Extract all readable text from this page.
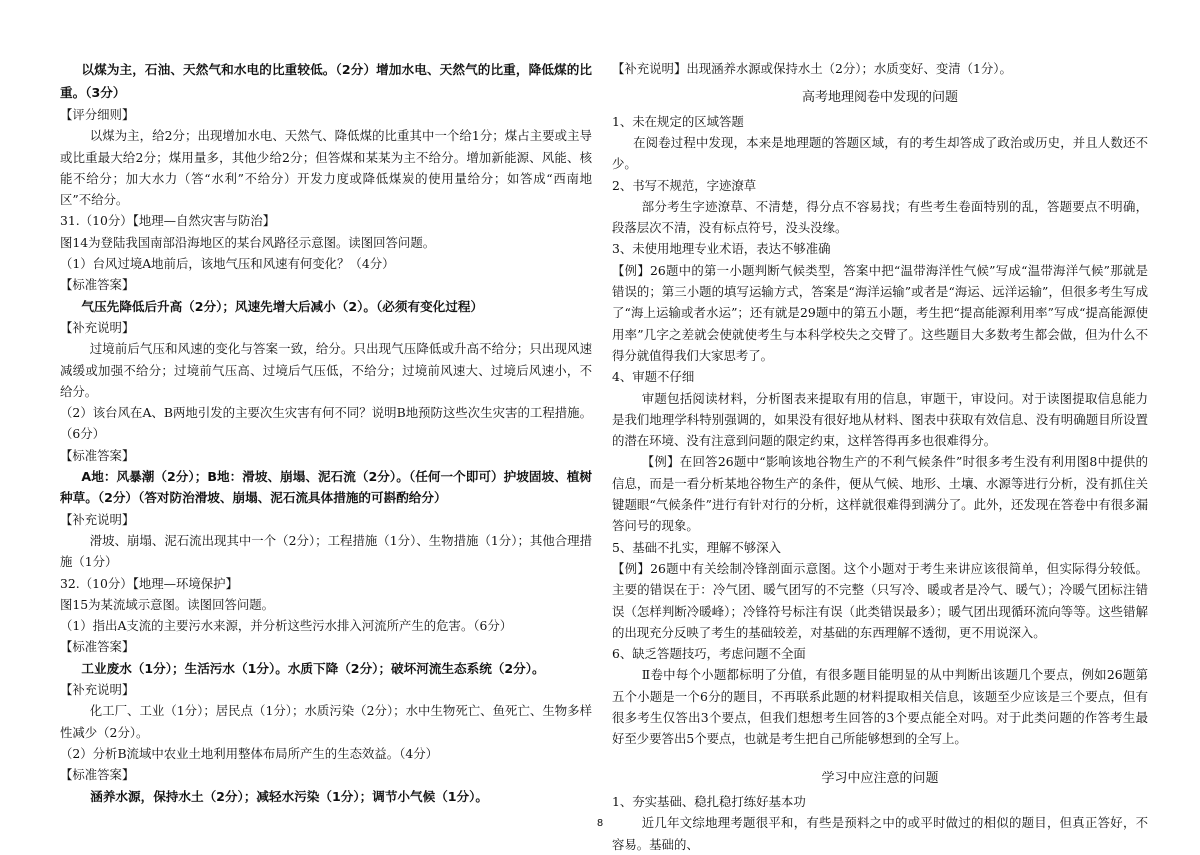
以煤为主，石油、天然气和水电的比重较低。（2分）增加水电、天然气的比重，降低煤的比重。（3分）

【评分细则】

以煤为主，给2分；出现增加水电、天然气、降低煤的比重其中一个给1分；煤占主要或主导或比重最大给2分；煤用量多，其他少给2分；但答煤和某某为主不给分。增加新能源、风能、核能不给分；加大水力（答“水利”不给分）开发力度或降低煤炭的使用量给分；如答成“西南地区”不给分。

31.（10分）【地理—自然灾害与防治】

图14为登陆我国南部沿海地区的某台风路径示意图。读图回答问题。

（1）台风过境A地前后，该地气压和风速有何变化？（4分）

【标准答案】

气压先降低后升高（2分）；风速先增大后减小（2）。（必须有变化过程）

【补充说明】

过境前后气压和风速的变化与答案一致，给分。只出现气压降低或升高不给分；只出现风速减缓或加强不给分；过境前气压高、过境后气压低，不给分；过境前风速大、过境后风速小，不给分。

（2）该台风在A、B两地引发的主要次生灾害有何不同？说明B地预防这些次生灾害的工程措施。（6分）

【标准答案】

A地：风暴潮（2分）；B地：滑坡、崩塌、泥石流（2分）。（任何一个即可）护坡固坡、植树种草。（2分）（答对防治滑坡、崩塌、泥石流具体措施的可斟酌给分）

【补充说明】

滑坡、崩塌、泥石流出现其中一个（2分）；工程措施（1分）、生物措施（1分）；其他合理措施（1分）

32.（10分）【地理—环境保护】

图15为某流域示意图。读图回答问题。

（1）指出A支流的主要污水来源，并分析这些污水排入河流所产生的危害。（6分）

【标准答案】

工业废水（1分）；生活污水（1分）。水质下降（2分）；破坏河流生态系统（2分）。

【补充说明】

化工厂、工业（1分）；居民点（1分）；水质污染（2分）；水中生物死亡、鱼死亡、生物多样性减少（2分）。

（2）分析B流域中农业土地利用整体布局所产生的生态效益。（4分）

【标准答案】

涵养水源，保持水土（2分）；减轻水污染（1分）；调节小气候（1分）。

【补充说明】出现涵养水源或保持水土（2分）；水质变好、变清（1分）。

高考地理阅卷中发现的问题

1、未在规定的区域答题

在阅卷过程中发现，本来是地理题的答题区域，有的考生却答成了政治或历史，并且人数还不少。

2、书写不规范，字迹潦草

部分考生字迹潦草、不清楚，得分点不容易找；有些考生卷面特别的乱，答题要点不明确，段落层次不清，没有标点符号，没头没缘。

3、未使用地理专业术语，表达不够准确

【例】26题中的第一小题判断气候类型，答案中把“温带海洋性气候”写成“温带海洋气候”那就是错误的；第三小题的填写运输方式，答案是“海洋运输”或者是“海运、远洋运输”，但很多考生写成了“海上运输或者水运”；还有就是29题中的第五小题，考生把“提高能源利用率”写成“提高能源使用率”几字之差就会使就使考生与本科学校失之交臂了。这些题目大多数考生都会做，但为什么不得分就值得我们大家思考了。

4、审题不仔细

审题包括阅读材料，分析图表来提取有用的信息，审题干，审设问。对于读图提取信息能力是我们地理学科特别强调的，如果没有很好地从材料、图表中获取有效信息、没有明确题目所设置的潜在环境、没有注意到问题的限定约束，这样答得再多也很难得分。

【例】在回答26题中“影响该地谷物生产的不利气候条件”时很多考生没有利用图8中提供的信息，而是一看分析某地谷物生产的条件，便从气候、地形、土壤、水源等进行分析，没有抓住关键题眼“气候条件”进行有针对行的分析，这样就很难得到满分了。此外，还发现在答卷中有很多漏答问号的现象。

5、基础不扎实，理解不够深入

【例】26题中有关绘制冷锋剖面示意图。这个小题对于考生来讲应该很简单，但实际得分较低。主要的错误在于：冷气团、暖气团写的不完整（只写冷、暖或者是冷气、暖气）；冷暖气团标注错误（怎样判断冷暖峰）；冷锋符号标注有误（此类错误最多）；暖气团出现循环流向等等。这些错解的出现充分反映了考生的基础较差，对基础的东西理解不透彻，更不用说深入。

6、缺乏答题技巧，考虑问题不全面

Ⅱ卷中每个小题都标明了分值，有很多题目能明显的从中判断出该题几个要点，例如26题第五个小题是一个6分的题目，不再联系此题的材料提取相关信息，该题至少应该是三个要点，但有很多考生仅答出3个要点，但我们想想考生回答的3个要点能全对吗。对于此类问题的作答考生最好至少要答出5个要点，也就是考生把自己所能够想到的全写上。

学习中应注意的问题

1、夯实基础、稳扎稳打练好基本功

近几年文综地理考题很平和，有些是预料之中的或平时做过的相似的题目，但真正答好，不容易。基础的、

8
